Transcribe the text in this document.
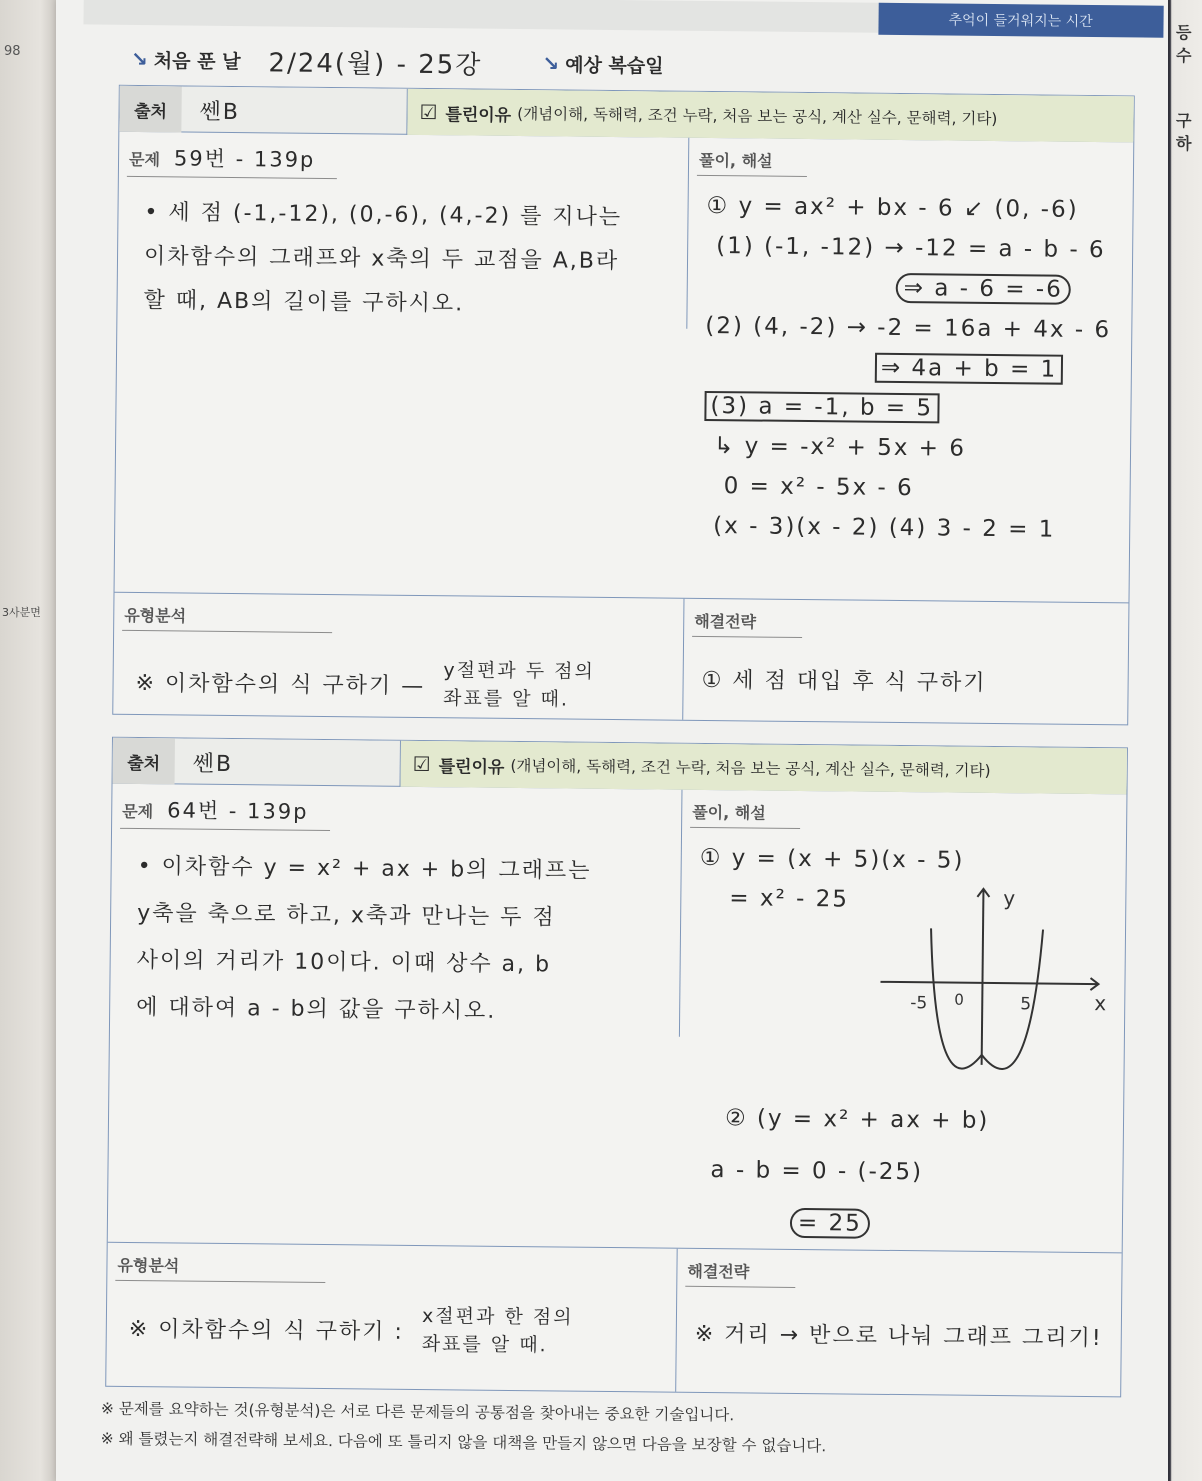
98
3사분면
등수
구하
추억이 들거워지는 시간
↘ 처음 푼 날 2/24(월) - 25강	↘ 예상 복습일
출처	쎈B	☑ 틀린이유 (개념이해, 독해력, 조건 누락, 처음 보는 공식, 계산 실수, 문해력, 기타)
문제 59번 - 139p
• 세 점 (-1,-12), (0,-6), (4,-2) 를 지나는
이차함수의 그래프와 x축의 두 교점을 A,B라
할 때, AB의 길이를 구하시오.
풀이, 해설
① y = ax² + bx - 6 ↙ (0, -6)
(1) (-1, -12) → -12 = a - b - 6
⇒ a - 6 = -6
(2) (4, -2) → -2 = 16a + 4x - 6
⇒ 4a + b = 1
(3) a = -1, b = 5
↳ y = -x² + 5x + 6
0 = x² - 5x - 6
(x - 3)(x - 2) (4) 3 - 2 = 1
유형분석
※ 이차함수의 식 구하기 — y절편과 두 점의
좌표를 알 때.
해결전략
① 세 점 대입 후 식 구하기
출처	쎈B	☑ 틀린이유 (개념이해, 독해력, 조건 누락, 처음 보는 공식, 계산 실수, 문해력, 기타)
문제 64번 - 139p
• 이차함수 y = x² + ax + b의 그래프는
y축을 축으로 하고, x축과 만나는 두 점
사이의 거리가 10이다. 이때 상수 a, b
에 대하여 a - b의 값을 구하시오.
풀이, 해설
① y = (x + 5)(x - 5)
= x² - 25
x
y
-5 0	5
② (y = x² + ax + b)
a - b = 0 - (-25)
= 25
유형분석
※ 이차함수의 식 구하기 : x절편과 한 점의
좌표를 알 때.
해결전략
※ 거리 → 반으로 나눠 그래프 그리기!
※ 문제를 요약하는 것(유형분석)은 서로 다른 문제들의 공통점을 찾아내는 중요한 기술입니다.
※ 왜 틀렸는지 해결전략해 보세요. 다음에 또 틀리지 않을 대책을 만들지 않으면 다음을 보장할 수 없습니다.
